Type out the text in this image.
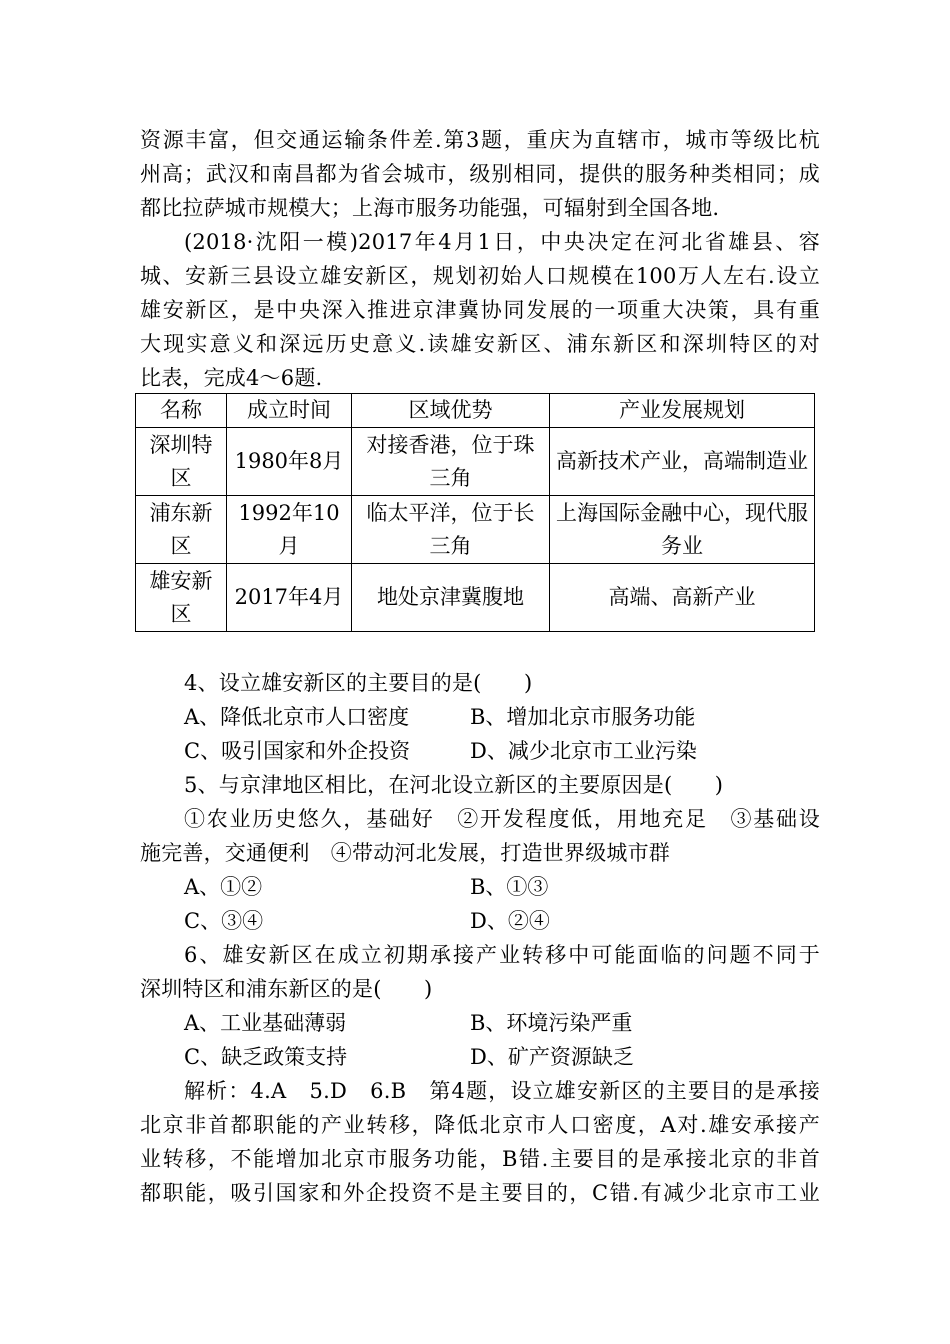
资源丰富，但交通运输条件差.第3题，重庆为直辖市，城市等级比杭
州高；武汉和南昌都为省会城市，级别相同，提供的服务种类相同；成
都比拉萨城市规模大；上海市服务功能强，可辐射到全国各地.
(2018·沈阳一模)2017年4月1日，中央决定在河北省雄县、容
城、安新三县设立雄安新区，规划初始人口规模在100万人左右.设立
雄安新区，是中央深入推进京津冀协同发展的一项重大决策，具有重
大现实意义和深远历史意义.读雄安新区、浦东新区和深圳特区的对
比表，完成4～6题.
名称	成立时间	区域优势	产业发展规划
深圳特区	1980年8月	对接香港，位于珠三角	高新技术产业，高端制造业
浦东新区	1992年10月	临太平洋，位于长三角	上海国际金融中心，现代服务业
雄安新区	2017年4月	地处京津冀腹地	高端、高新产业
4、设立雄安新区的主要目的是(　　)
A、降低北京市人口密度	B、增加北京市服务功能
C、吸引国家和外企投资	D、减少北京市工业污染
5、与京津地区相比，在河北设立新区的主要原因是(　　)
①农业历史悠久，基础好　②开发程度低，用地充足　③基础设
施完善，交通便利　④带动河北发展，打造世界级城市群
A、①②	B、①③
C、③④	D、②④
6、雄安新区在成立初期承接产业转移中可能面临的问题不同于
深圳特区和浦东新区的是(　　)
A、工业基础薄弱	B、环境污染严重
C、缺乏政策支持	D、矿产资源缺乏
解析：4.A　5.D　6.B　第4题，设立雄安新区的主要目的是承接
北京非首都职能的产业转移，降低北京市人口密度，A对.雄安承接产
业转移，不能增加北京市服务功能，B错.主要目的是承接北京的非首
都职能，吸引国家和外企投资不是主要目的，C错.有减少北京市工业
